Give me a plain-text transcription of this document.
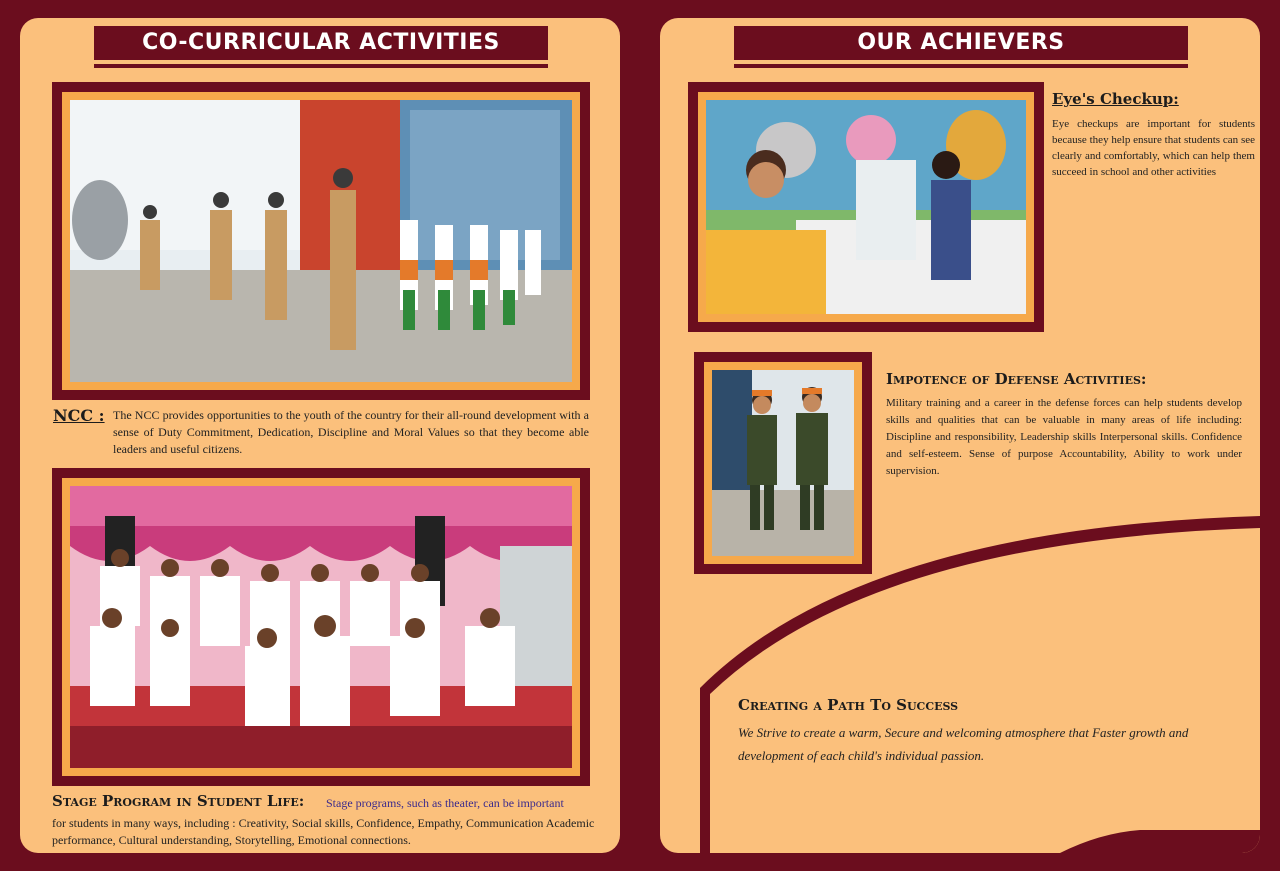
CO-CURRICULAR ACTIVITIES
NCC : The NCC provides opportunities to the youth of the country for their all-round development with a sense of Duty Commitment, Dedication, Discipline and Moral Values so that they become able leaders and useful citizens.
Stage Program in Student Life: Stage programs, such as theater, can be important
for students in many ways, including : Creativity, Social skills, Confidence, Empathy, Communication Academic performance, Cultural understanding, Storytelling, Emotional connections.
OUR ACHIEVERS
Eye's Checkup:
Eye checkups are important for students because they help ensure that students can see clearly and comfortably, which can help them succeed in school and other activities
Impotence of Defense Activities:
Military training and a career in the defense forces can help students develop skills and qualities that can be valuable in many areas of life including: Discipline and responsibility, Leadership skills Interpersonal skills. Confidence and self-esteem. Sense of purpose Accountability, Ability to work under supervision.
Creating a Path To Success
We Strive to create a warm, Secure and welcoming atmosphere that Faster growth and development of each child's individual passion.
